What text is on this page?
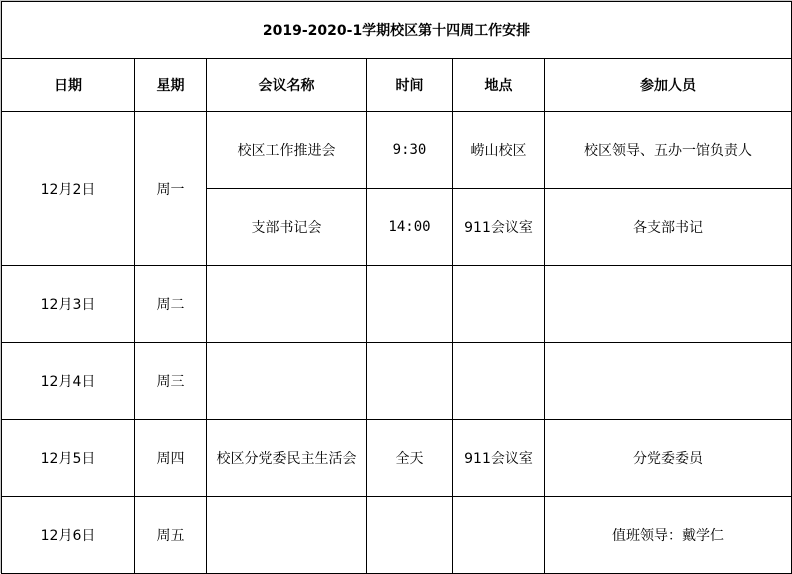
2019-2020-1学期校区第十四周工作安排					
日期	星期	会议名称	时间	地点	参加人员
12月2日	周一	校区工作推进会	9:30	崂山校区	校区领导、五办一馆负责人
		支部书记会	14:00	911会议室	各支部书记
12月3日	周二				
12月4日	周三				
12月5日	周四	校区分党委民主生活会	全天	911会议室	分党委委员
12月6日	周五				值班领导：戴学仁
